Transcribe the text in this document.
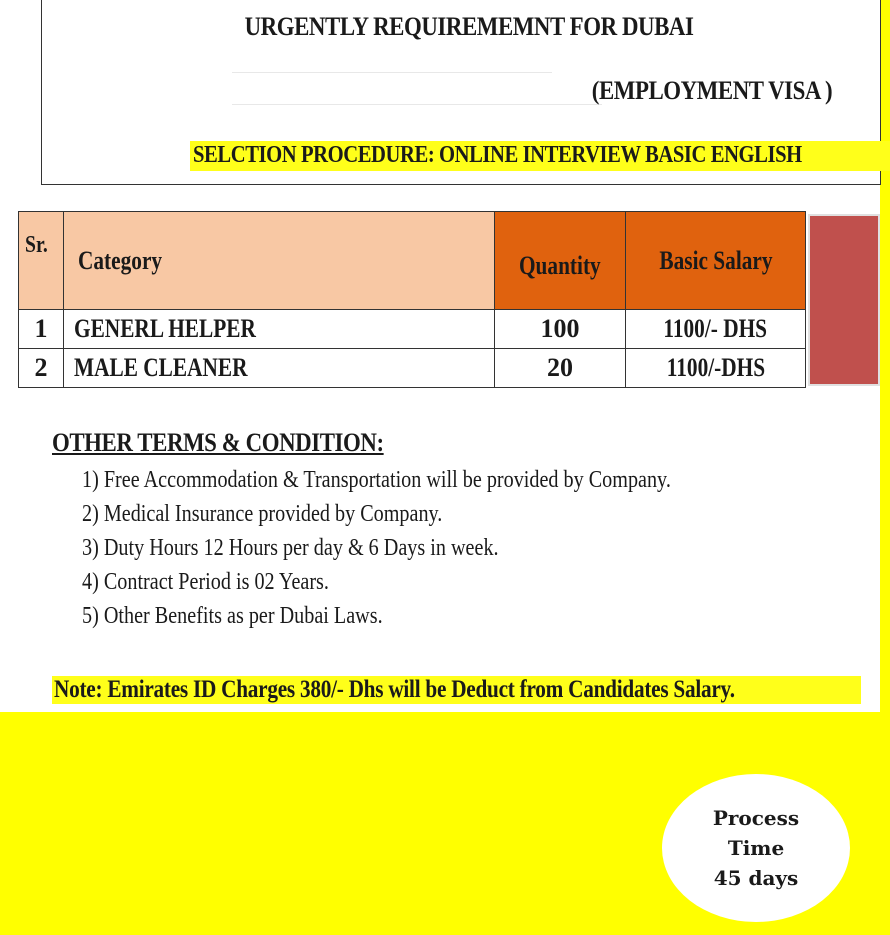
URGENTLY REQUIREMEMNT FOR DUBAI
(EMPLOYMENT VISA )
SELCTION PROCEDURE: ONLINE INTERVIEW BASIC ENGLISH
Sr.	Category	Quantity	Basic Salary
1	GENERL HELPER	100	1100/- DHS
2	MALE CLEANER	20	1100/-DHS
OTHER TERMS & CONDITION:
1) Free Accommodation & Transportation will be provided by Company.
2) Medical Insurance provided by Company.
3) Duty Hours 12 Hours per day & 6 Days in week.
4) Contract Period is 02 Years.
5) Other Benefits as per Dubai Laws.
Note: Emirates ID Charges 380/- Dhs will be Deduct from Candidates Salary.
Process
Time
45 days
